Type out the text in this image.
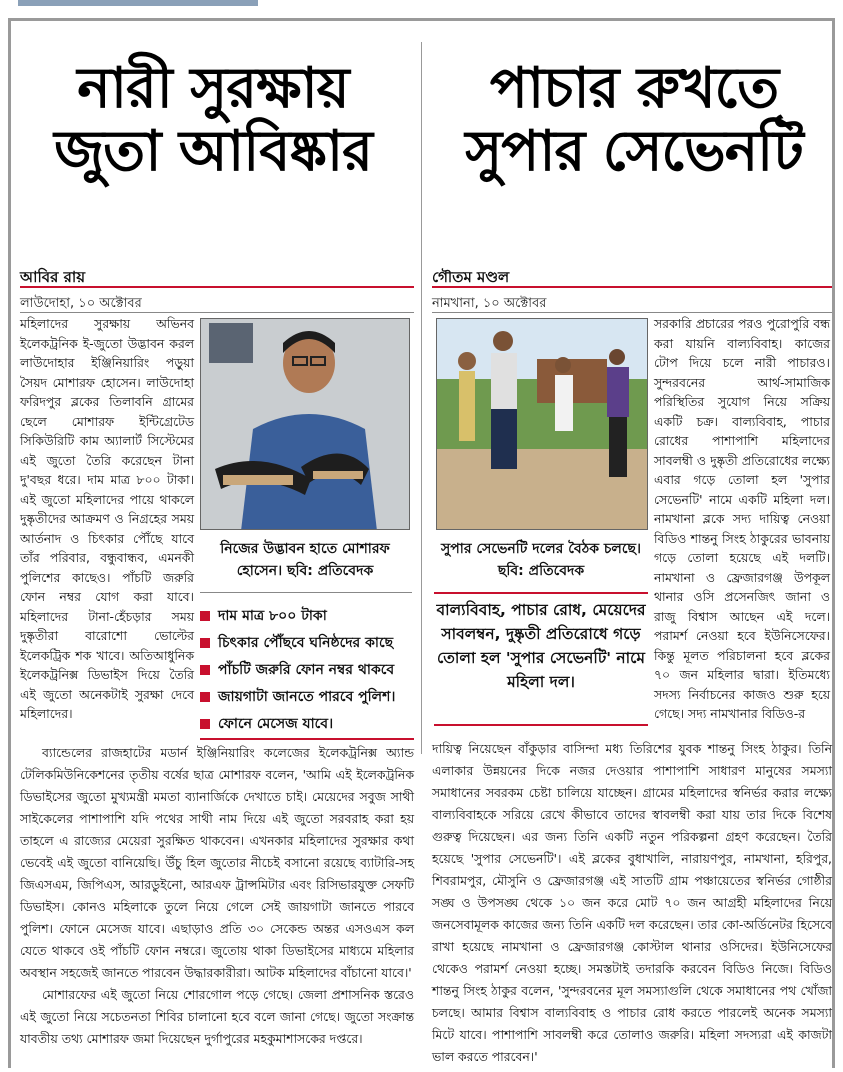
নারী সুরক্ষায়
জুতা আবিষ্কার
পাচার রুখতে
সুপার সেভেনটি
আবির রায়
লাউদোহা, ১০ অক্টোবর
গৌতম মণ্ডল
নামখানা, ১০ অক্টোবর
মহিলাদের সুরক্ষায় অভিনব ইলেকট্রনিক ই-জুতো উদ্ভাবন করল লাউদোহার ইঞ্জিনিয়ারিং পড়ুয়া সৈয়দ মোশারফ হোসেন। লাউদোহা ফরিদপুর ব্লকের তিলাবনি গ্রামের ছেলে মোশারফ ইন্টিগ্রেটেড সিকিউরিটি কাম অ্যালার্ট সিস্টেমের এই জুতো তৈরি করেছেন টানা দু'বছর ধরে। দাম মাত্র ৮০০ টাকা। এই জুতো মহিলাদের পায়ে থাকলে দুষ্কৃতীদের আক্রমণ ও নিগ্রহের সময় আর্তনাদ ও চিৎকার পৌঁছে যাবে তাঁর পরিবার, বন্ধুবান্ধব, এমনকী পুলিশের কাছেও। পাঁচটি জরুরি ফোন নম্বর যোগ করা যাবে। মহিলাদের টানা-হেঁচড়ার সময় দুষ্কৃতীরা বারোশো ভোল্টের ইলেকট্রিক শক খাবে। অতিআধুনিক ইলেকট্রনিক্স ডিভাইস দিয়ে তৈরি এই জুতো অনেকটাই সুরক্ষা দেবে মহিলাদের।
নিজের উদ্ভাবন হাতে মোশারফ হোসেন। ছবি: প্রতিবেদক
দাম মাত্র ৮০০ টাকা
চিৎকার পৌঁছবে ঘনিষ্ঠদের কাছে
পাঁচটি জরুরি ফোন নম্বর থাকবে
জায়গাটা জানতে পারবে পুলিশ।
ফোনে মেসেজ যাবে।
সুপার সেভেনটি দলের বৈঠক চলছে। ছবি: প্রতিবেদক
বাল্যবিবাহ, পাচার রোধ, মেয়েদের সাবলম্বন, দুষ্কৃতী প্রতিরোধে গড়ে তোলা হল 'সুপার সেভেনটি' নামে মহিলা দল।
সরকারি প্রচারের পরও পুরোপুরি বন্ধ করা যায়নি বাল্যবিবাহ। কাজের টোপ দিয়ে চলে নারী পাচারও। সুন্দরবনের আর্থ-সামাজিক পরিস্থিতির সুযোগ নিয়ে সক্রিয় একটি চক্র। বাল্যবিবাহ, পাচার রোধের পাশাপাশি মহিলাদের সাবলম্বী ও দুষ্কৃতী প্রতিরোধের লক্ষ্যে এবার গড়ে তোলা হল 'সুপার সেভেনটি' নামে একটি মহিলা দল। নামখানা ব্লকে সদ্য দায়িত্ব নেওয়া বিডিও শান্তনু সিংহ ঠাকুরের ভাবনায় গড়ে তোলা হয়েছে এই দলটি। নামখানা ও ফ্রেজারগঞ্জ উপকূল থানার ওসি প্রসেনজিৎ জানা ও রাজু বিশ্বাস আছেন এই দলে। পরামর্শ নেওয়া হবে ইউনিসেফের। কিন্তু মূলত পরিচালনা হবে ব্লকের ৭০ জন মহিলার দ্বারা। ইতিমধ্যে সদস্য নির্বাচনের কাজও শুরু হয়ে গেছে। সদ্য নামখানার বিডিও-র

ব্যান্ডেলের রাজহাটের মডার্ন ইঞ্জিনিয়ারিং কলেজের ইলেকট্রনিক্স অ্যান্ড টেলিকমিউনিকেশনের তৃতীয় বর্ষের ছাত্র মোশারফ বলেন, 'আমি এই ইলেকট্রনিক ডিভাইসের জুতো মুখ্যমন্ত্রী মমতা ব্যানার্জিকে দেখাতে চাই। মেয়েদের সবুজ সাথী সাইকেলের পাশাপাশি যদি পথের সাথী নাম দিয়ে এই জুতো সরবরাহ করা হয় তাহলে এ রাজ্যের মেয়েরা সুরক্ষিত থাকবেন। এখনকার মহিলাদের সুরক্ষার কথা ভেবেই এই জুতো বানিয়েছি। উঁচু হিল জুতোর নীচেই বসানো রয়েছে ব্যাটারি-সহ জিএসএম, জিপিএস, আরডুইনো, আরএফ ট্রান্সমিটার এবং রিসিভারযুক্ত সেফটি ডিভাইস। কোনও মহিলাকে তুলে নিয়ে গেলে সেই জায়গাটা জানতে পারবে পুলিশ। ফোনে মেসেজ যাবে। এছাড়াও প্রতি ৩০ সেকেন্ড অন্তর এসওএস কল যেতে থাকবে ওই পাঁচটি ফোন নম্বরে। জুতোয় থাকা ডিভাইসের মাধ্যমে মহিলার অবস্থান সহজেই জানতে পারবেন উদ্ধারকারীরা। আটক মহিলাদের বাঁচানো যাবে।'

মোশারফের এই জুতো নিয়ে শোরগোল পড়ে গেছে। জেলা প্রশাসনিক স্তরেও এই জুতো নিয়ে সচেতনতা শিবির চালানো হবে বলে জানা গেছে। জুতো সংক্রান্ত যাবতীয় তথ্য মোশারফ জমা দিয়েছেন দুর্গাপুরের মহকুমাশাসকের দপ্তরে।

দায়িত্ব নিয়েছেন বাঁকুড়ার বাসিন্দা মধ্য তিরিশের যুবক শান্তনু সিংহ ঠাকুর। তিনি এলাকার উন্নয়নের দিকে নজর দেওয়ার পাশাপাশি সাধারণ মানুষের সমস্যা সমাধানের সবরকম চেষ্টা চালিয়ে যাচ্ছেন। গ্রামের মহিলাদের স্বনির্ভর করার লক্ষ্যে বাল্যবিবাহকে সরিয়ে রেখে কীভাবে তাদের স্বাবলম্বী করা যায় তার দিকে বিশেষ গুরুত্ব দিয়েছেন। এর জন্য তিনি একটি নতুন পরিকল্পনা গ্রহণ করেছেন। তৈরি হয়েছে 'সুপার সেভেনটি'। এই ব্লকের বুধাখালি, নারায়ণপুর, নামখানা, হরিপুর, শিবরামপুর, মৌসুনি ও ফ্রেজারগঞ্জ এই সাতটি গ্রাম পঞ্চায়েতের স্বনির্ভর গোষ্ঠীর সঙ্ঘ ও উপসঙ্ঘ থেকে ১০ জন করে মোট ৭০ জন আগ্রহী মহিলাদের নিয়ে জনসেবামূলক কাজের জন্য তিনি একটি দল করেছেন। তার কো-অর্ডিনেটর হিসেবে রাখা হয়েছে নামখানা ও ফ্রেজারগঞ্জ কোস্টাল থানার ওসিদের। ইউনিসেফের থেকেও পরামর্শ নেওয়া হচ্ছে। সমস্তটাই তদারকি করবেন বিডিও নিজে। বিডিও শান্তনু সিংহ ঠাকুর বলেন, 'সুন্দরবনের মূল সমস্যাগুলি থেকে সমাধানের পথ খোঁজা চলছে। আমার বিশ্বাস বাল্যবিবাহ ও পাচার রোধ করতে পারলেই অনেক সমস্যা মিটে যাবে। পাশাপাশি সাবলম্বী করে তোলাও জরুরি। মহিলা সদস্যরা এই কাজটা ভাল করতে পারবেন।'
